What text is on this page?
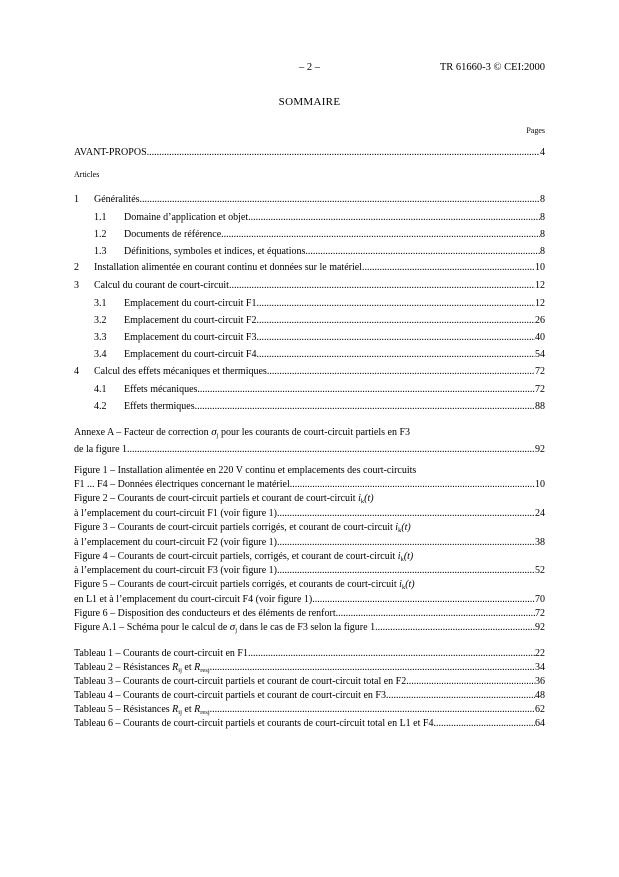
– 2 –	TR 61660-3 © CEI:2000
SOMMAIRE
Pages
AVANT-PROPOS .....	4
Articles
1	Généralités .....	8
1.1	Domaine d’application et objet .....	8
1.2	Documents de référence .....	8
1.3	Définitions, symboles et indices, et équations .....	8
2	Installation alimentée en courant continu et données sur le matériel .....	10
3	Calcul du courant de court-circuit .....	12
3.1	Emplacement du court-circuit F1 .....	12
3.2	Emplacement du court-circuit F2 .....	26
3.3	Emplacement du court-circuit F3 .....	40
3.4	Emplacement du court-circuit F4 .....	54
4	Calcul des effets mécaniques et thermiques .....	72
4.1	Effets mécaniques .....	72
4.2	Effets thermiques .....	88
Annexe A – Facteur de correction $\sigma_j$ pour les courants de court-circuit partiels en F3
de la figure 1 .....	92
Figure 1 – Installation alimentée en 220 V continu et emplacements des court-circuits
F1 ... F4 – Données électriques concernant le matériel .....	10
Figure 2 – Courants de court-circuit partiels et courant de court-circuit $i_k(t)$
à l’emplacement du court-circuit F1 (voir figure 1) .....	24
Figure 3 – Courants de court-circuit partiels corrigés, et courant de court-circuit $i_k(t)$
à l’emplacement du court-circuit F2 (voir figure 1) .....	38
Figure 4 – Courants de court-circuit partiels, corrigés, et courant de court-circuit $i_k(t)$
à l’emplacement du court-circuit F3 (voir figure 1) .....	52
Figure 5 – Courants de court-circuit partiels corrigés, et courants de court-circuit $i_k(t)$
en L1 et à l’emplacement du court-circuit F4 (voir figure 1) .....	70
Figure 6 – Disposition des conducteurs et des éléments de renfort .....	72
Figure A.1 – Schéma pour le calcul de $\sigma_j$ dans le cas de F3 selon la figure 1 .....	92
Tableau 1 – Courants de court-circuit en F1 .....	22
Tableau 2 – Résistances $R_{ij}$ et $R_{resj}$ .....	34
Tableau 3 – Courants de court-circuit partiels et courant de court-circuit total en F2 .....	36
Tableau 4 – Courants de court-circuit partiels et courant de court-circuit en F3 .....	48
Tableau 5 – Résistances $R_{ij}$ et $R_{resj}$ .....	62
Tableau 6 – Courants de court-circuit partiels et courants de court-circuit total en L1 et F4 .....	64
